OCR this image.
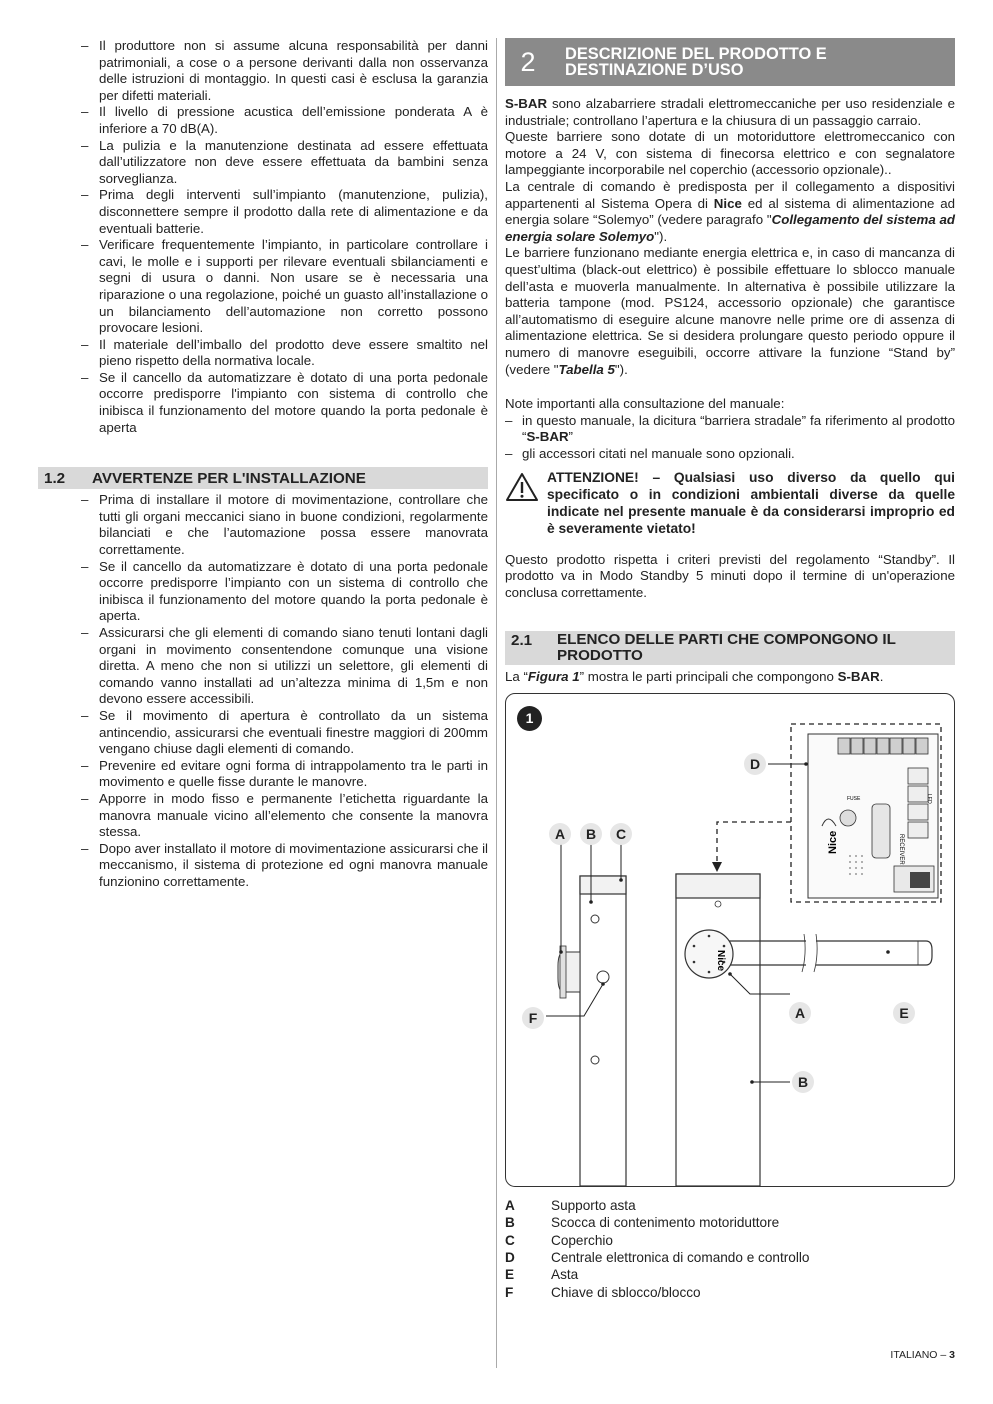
– Il produttore non si assume alcuna responsabilità per danni patrimoniali, a cose o a persone derivanti dalla non osservanza delle istruzioni di montaggio. In questi casi è esclusa la garanzia per difetti materiali.
– Il livello di pressione acustica dell’emissione ponderata A è inferiore a 70 dB(A).
– La pulizia e la manutenzione destinata ad essere effettuata dall’utilizzatore non deve essere effettuata da bambini senza sorveglianza.
– Prima degli interventi sull’impianto (manutenzione, pulizia), disconnettere sempre il prodotto dalla rete di alimentazione e da eventuali batterie.
– Verificare frequentemente l’impianto, in particolare controllare i cavi, le molle e i supporti per rilevare eventuali sbilanciamenti e segni di usura o danni. Non usare se è necessaria una riparazione o una regolazione, poiché un guasto all’installazione o un bilanciamento dell’automazione non corretto possono provocare lesioni.
– Il materiale dell’imballo del prodotto deve essere smaltito nel pieno rispetto della normativa locale.
– Se il cancello da automatizzare è dotato di una porta pedonale occorre predisporre l'impianto con sistema di controllo che inibisca il funzionamento del motore quando la porta pedonale è aperta
1.2	AVVERTENZE PER L'INSTALLAZIONE
– Prima di installare il motore di movimentazione, controllare che tutti gli organi meccanici siano in buone condizioni, regolarmente bilanciati e che l’automazione possa essere manovrata correttamente.
– Se il cancello da automatizzare è dotato di una porta pedonale occorre predisporre l’impianto con un sistema di controllo che inibisca il funzionamento del motore quando la porta pedonale è aperta.
– Assicurarsi che gli elementi di comando siano tenuti lontani dagli organi in movimento consentendone comunque una visione diretta. A meno che non si utilizzi un selettore, gli elementi di comando vanno installati ad un’altezza minima di 1,5m e non devono essere accessibili.
– Se il movimento di apertura è controllato da un sistema antincendio, assicurarsi che eventuali finestre maggiori di 200mm vengano chiuse dagli elementi di comando.
– Prevenire ed evitare ogni forma di intrappolamento tra le parti in movimento e quelle fisse durante le manovre.
– Apporre in modo fisso e permanente l’etichetta riguardante la manovra manuale vicino all’elemento che consente la manovra stessa.
– Dopo aver installato il motore di movimentazione assicurarsi che il meccanismo, il sistema di protezione ed ogni manovra manuale funzionino correttamente.
2	DESCRIZIONE DEL PRODOTTO E
DESTINAZIONE D’USO

S-BAR sono alzabarriere stradali elettromeccaniche per uso residenziale e industriale; controllano l’apertura e la chiusura di un passaggio carraio.

Queste barriere sono dotate di un motoriduttore elettromeccanico con motore a 24 V, con sistema di finecorsa elettrico e con segnalatore lampeggiante incorporabile nel coperchio (accessorio opzionale)..

La centrale di comando è predisposta per il collegamento a dispositivi appartenenti al Sistema Opera di Nice ed al sistema di alimentazione ad energia solare “Solemyo” (vedere paragrafo "Collegamento del sistema ad energia solare Solemyo").

Le barriere funzionano mediante energia elettrica e, in caso di mancanza di quest’ultima (black-out elettrico) è possibile effettuare lo sblocco manuale dell’asta e muoverla manualmente. In alternativa è possibile utilizzare la batteria tampone (mod. PS124, accessorio opzionale) che garantisce all’automatismo di eseguire alcune manovre nelle prime ore di assenza di alimentazione elettrica. Se si desidera prolungare questo periodo oppure il numero di manovre eseguibili, occorre attivare la funzione “Stand by” (vedere "Tabella 5").

Note importanti alla consultazione del manuale:

– in questo manuale, la dicitura “barriera stradale” fa riferimento al prodotto “S-BAR”
– gli accessori citati nel manuale sono opzionali.
ATTENZIONE! – Qualsiasi uso diverso da quello qui specificato o in condizioni ambientali diverse da quelle indicate nel presente manuale è da considerarsi improprio ed è severamente vietato!

Questo prodotto rispetta i criteri previsti del regolamento “Standby”. Il prodotto va in Modo Standby 5 minuti dopo il termine di un'operazione conclusa correttamente.

2.1	ELENCO DELLE PARTI CHE COMPONGONO IL
PRODOTTO

La “Figura 1” mostra le parti principali che compongono S-BAR.

1
Nice	RECEIVER
FUSE	LED
Nice
D
A	B	C
F	A	E
B
A	Supporto asta
B	Scocca di contenimento motoriduttore
C	Coperchio
D	Centrale elettronica di comando e controllo
E	Asta
F	Chiave di sblocco/blocco
ITALIANO – 3
